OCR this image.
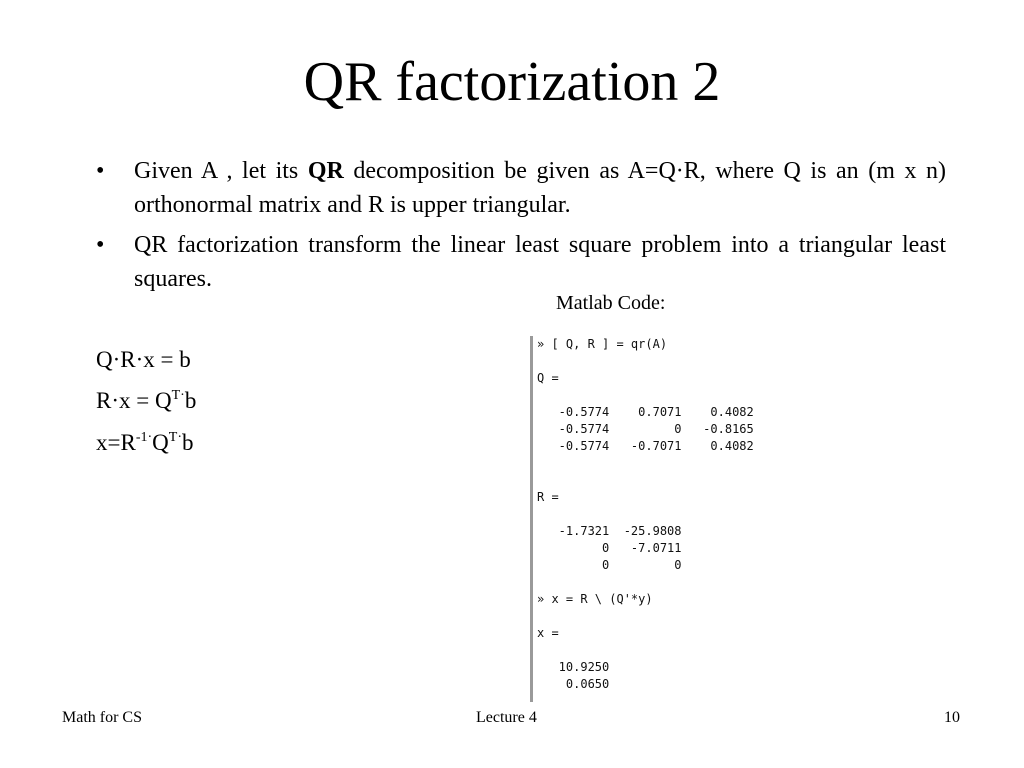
QR factorization 2
• Given A , let its QR decomposition be given as A=Q·R, where Q is an (m x n) orthonormal matrix and R is upper triangular.
• QR factorization transform the linear least square problem into a triangular least squares.
Matlab Code:
Q·R·x = b
$R\cdot x = Q^{T\cdot}b$
$x=R^{-1\cdot}Q^{T\cdot}b$
» [ Q, R ] = qr(A)

Q =

-0.5774    0.7071    0.4082
-0.5774         0   -0.8165
-0.5774   -0.7071    0.4082

R =

-1.7321  -25.9808
0   -7.0711
0         0

» x = R \ (Q'*y)

x =

10.9250
0.0650
Math for CS	Lecture 4	10
